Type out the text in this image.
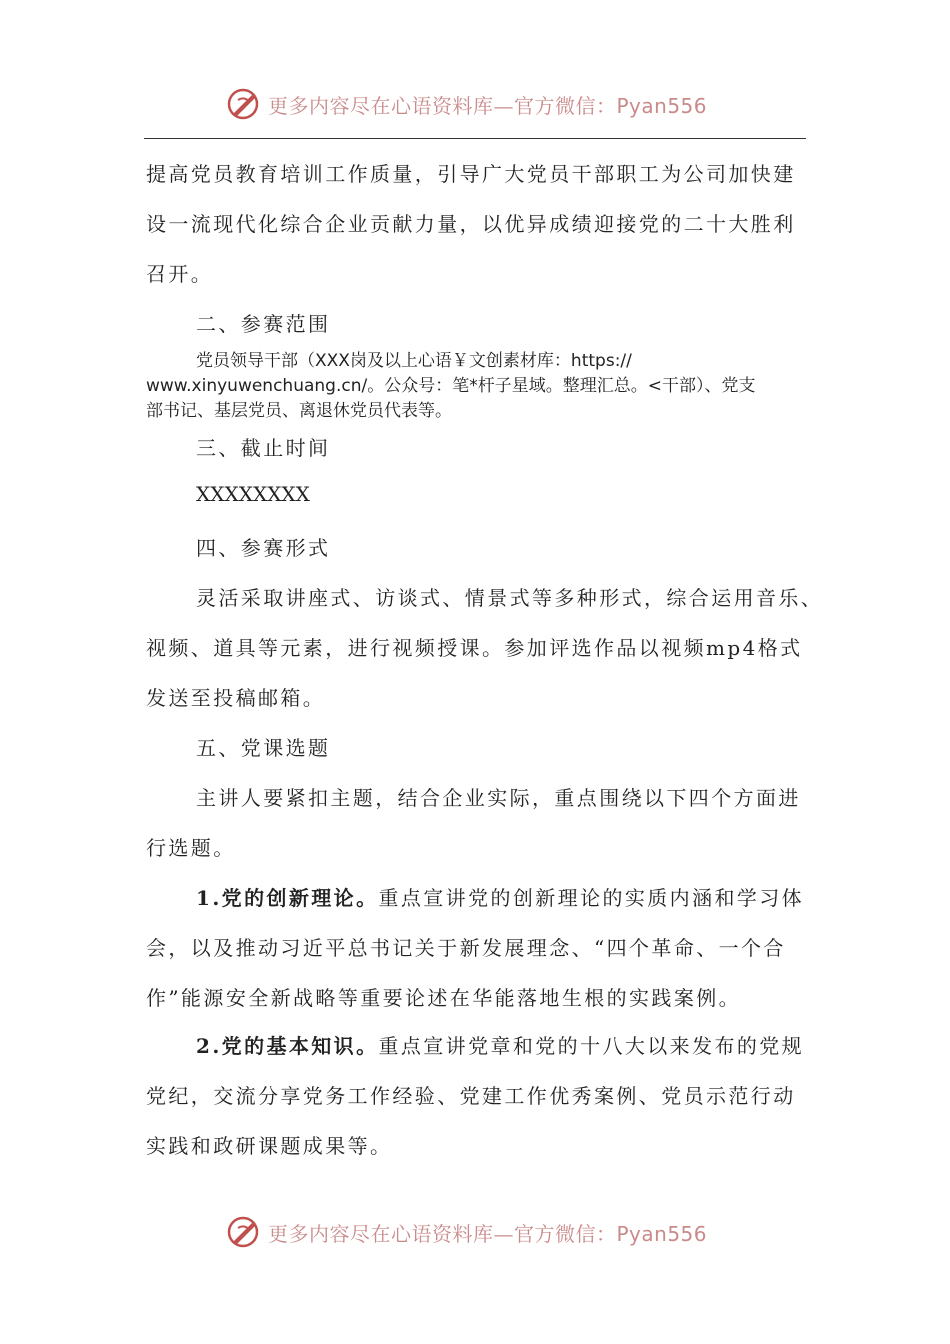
更多内容尽在心语资料库—官方微信：Pyan556
提高党员教育培训工作质量，引导广大党员干部职工为公司加快建
设一流现代化综合企业贡献力量，以优异成绩迎接党的二十大胜利
召开。
二、参赛范围
党员领导干部（XXX岗及以上心语￥文创素材库：https://
www.xinyuwenchuang.cn/。公众号：笔*杆子星域。整理汇总。<干部）、党支
部书记、基层党员、离退休党员代表等。
三、截止时间
XXXXXXXX
四、参赛形式
灵活采取讲座式、访谈式、情景式等多种形式，综合运用音乐、
视频、道具等元素，进行视频授课。参加评选作品以视频mp4格式
发送至投稿邮箱。
五、党课选题
主讲人要紧扣主题，结合企业实际，重点围绕以下四个方面进
行选题。
1.党的创新理论。重点宣讲党的创新理论的实质内涵和学习体
会，以及推动习近平总书记关于新发展理念、“四个革命、一个合
作”能源安全新战略等重要论述在华能落地生根的实践案例。
2.党的基本知识。重点宣讲党章和党的十八大以来发布的党规
党纪，交流分享党务工作经验、党建工作优秀案例、党员示范行动
实践和政研课题成果等。
更多内容尽在心语资料库—官方微信：Pyan556
